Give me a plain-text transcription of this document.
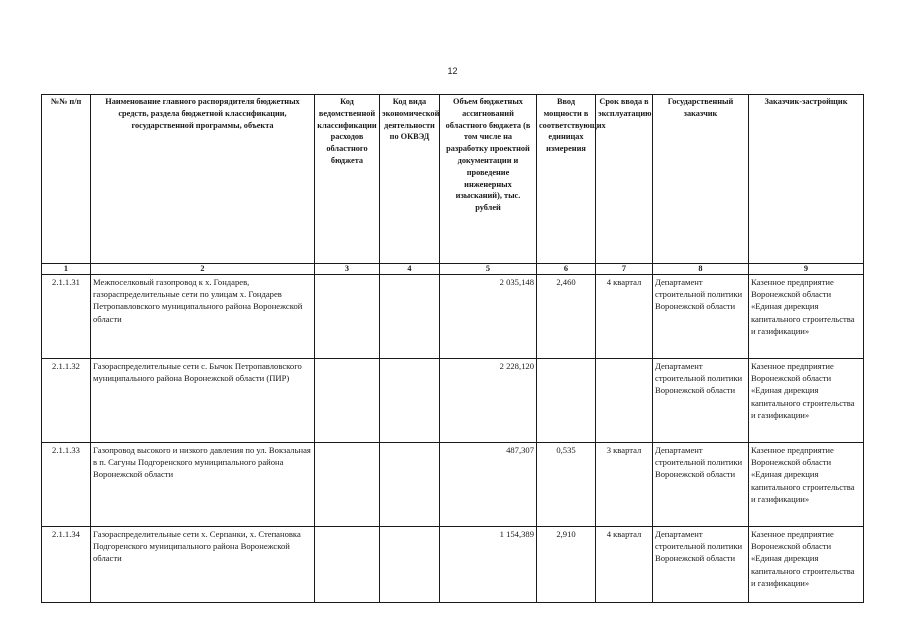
12
№№ п/п	Наименование главного распорядителя бюджетных средств, раздела бюджетной классификации, государственной программы, объекта	Код ведомственной классификации расходов областного бюджета	Код вида экономической деятельности по ОКВЭД	Объем бюджетных ассигнований областного бюджета (в том числе на разработку проектной документации и проведение инженерных изысканий), тыс. рублей	Ввод мощности в соответствующих единицах измерения	Срок ввода в эксплуатацию	Государственный заказчик	Заказчик-застройщик
1	2	3	4	5	6	7	8	9
2.1.1.31	Межпоселковый газопровод к х. Гондарев, газораспределительные сети по улицам х. Гондарев Петропавловского муниципального района Воронежской области			2 035,148	2,460	4 квартал	Департамент строительной политики Воронежской области	Казенное предприятие Воронежской области «Единая дирекция капитального строительства и газификации»
2.1.1.32	Газораспределительные сети с. Бычок Петропавловского муниципального района Воронежской области (ПИР)			2 228,120			Департамент строительной политики Воронежской области	Казенное предприятие Воронежской области «Единая дирекция капитального строительства и газификации»
2.1.1.33	Газопровод высокого и низкого давления по ул. Вокзальная в п. Сагуны Подгоренского муниципального района Воронежской области			487,307	0,535	3 квартал	Департамент строительной политики Воронежской области	Казенное предприятие Воронежской области «Единая дирекция капитального строительства и газификации»
2.1.1.34	Газораспределительные сети х. Серпанки, х. Степановка Подгоренского муниципального района Воронежской области			1 154,389	2,910	4 квартал	Департамент строительной политики Воронежской области	Казенное предприятие Воронежской области «Единая дирекция капитального строительства и газификации»
